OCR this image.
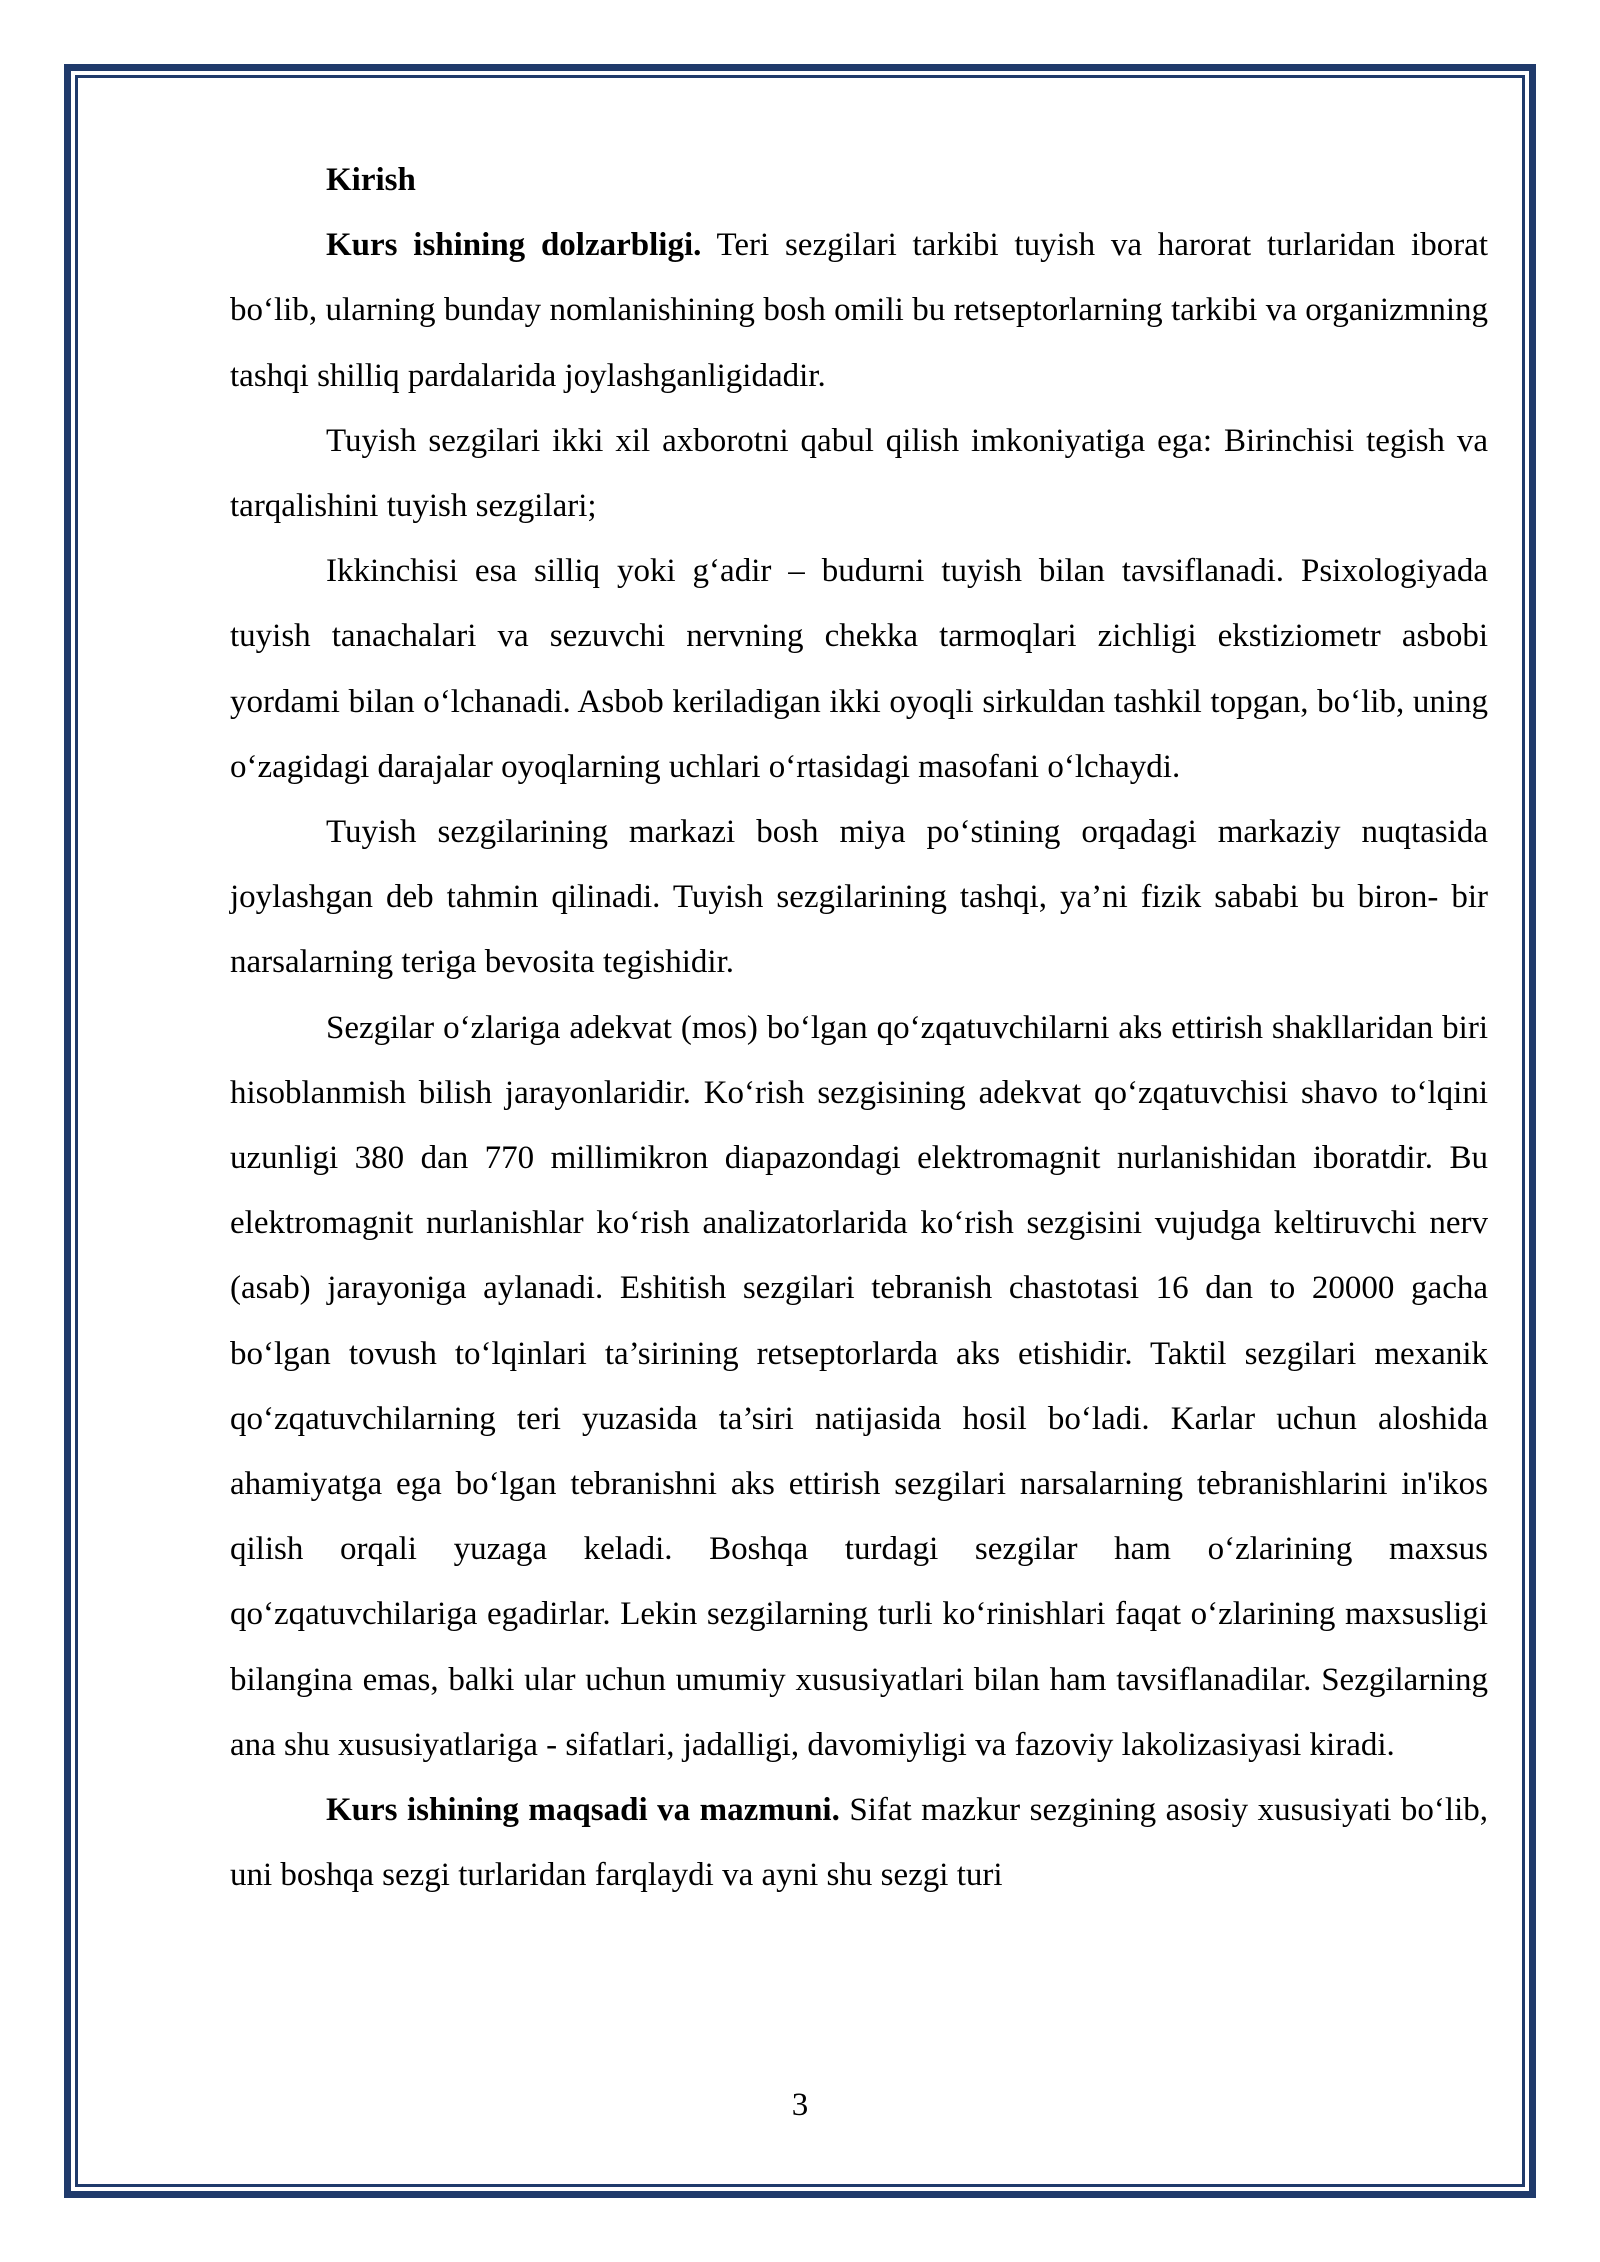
Kirish

Kurs ishining dolzarbligi. Teri sezgilari tarkibi tuyish va harorat turlaridan iborat bo‘lib, ularning bunday nomlanishining bosh omili bu retseptorlarning tarkibi va organizmning tashqi shilliq pardalarida joylashganligidadir.

Tuyish sezgilari ikki xil axborotni qabul qilish imkoniyatiga ega: Birinchisi tegish va tarqalishini tuyish sezgilari;

Ikkinchisi esa silliq yoki g‘adir – budurni tuyish bilan tavsiflanadi. Psixologiyada tuyish tanachalari va sezuvchi nervning chekka tarmoqlari zichligi ekstiziometr asbobi yordami bilan o‘lchanadi. Asbob keriladigan ikki oyoqli sirkuldan tashkil topgan, bo‘lib, uning o‘zagidagi darajalar oyoqlarning uchlari o‘rtasidagi masofani o‘lchaydi.

Tuyish sezgilarining markazi bosh miya po‘stining orqadagi markaziy nuqtasida joylashgan deb tahmin qilinadi. Tuyish sezgilarining tashqi, ya’ni fizik sababi bu biron- bir narsalarning teriga bevosita tegishidir.

Sezgilar o‘zlariga adekvat (mos) bo‘lgan qo‘zqatuvchilarni aks ettirish shakllaridan biri hisoblanmish bilish jarayonlaridir. Ko‘rish sezgisining adekvat qo‘zqatuvchisi shavo to‘lqini uzunligi 380 dan 770 millimikron diapazondagi elektromagnit nurlanishidan iboratdir. Bu elektromagnit nurlanishlar ko‘rish analizatorlarida ko‘rish sezgisini vujudga keltiruvchi nerv (asab) jarayoniga aylanadi. Eshitish sezgilari tebranish chastotasi 16 dan to 20000 gacha bo‘lgan tovush to‘lqinlari ta’sirining retseptorlarda aks etishidir. Taktil sezgilari mexanik qo‘zqatuvchilarning teri yuzasida ta’siri natijasida hosil bo‘ladi. Karlar uchun aloshida ahamiyatga ega bo‘lgan tebranishni aks ettirish sezgilari narsalarning tebranishlarini in'ikos qilish orqali yuzaga keladi. Boshqa turdagi sezgilar ham o‘zlarining maxsus qo‘zqatuvchilariga egadirlar. Lekin sezgilarning turli ko‘rinishlari faqat o‘zlarining maxsusligi bilangina emas, balki ular uchun umumiy xususiyatlari bilan ham tavsiflanadilar. Sezgilarning ana shu xususiyatlariga - sifatlari, jadalligi, davomiyligi va fazoviy lakolizasiyasi kiradi.

Kurs ishining maqsadi va mazmuni. Sifat mazkur sezgining asosiy xususiyati bo‘lib, uni boshqa sezgi turlaridan farqlaydi va ayni shu sezgi turi

3
